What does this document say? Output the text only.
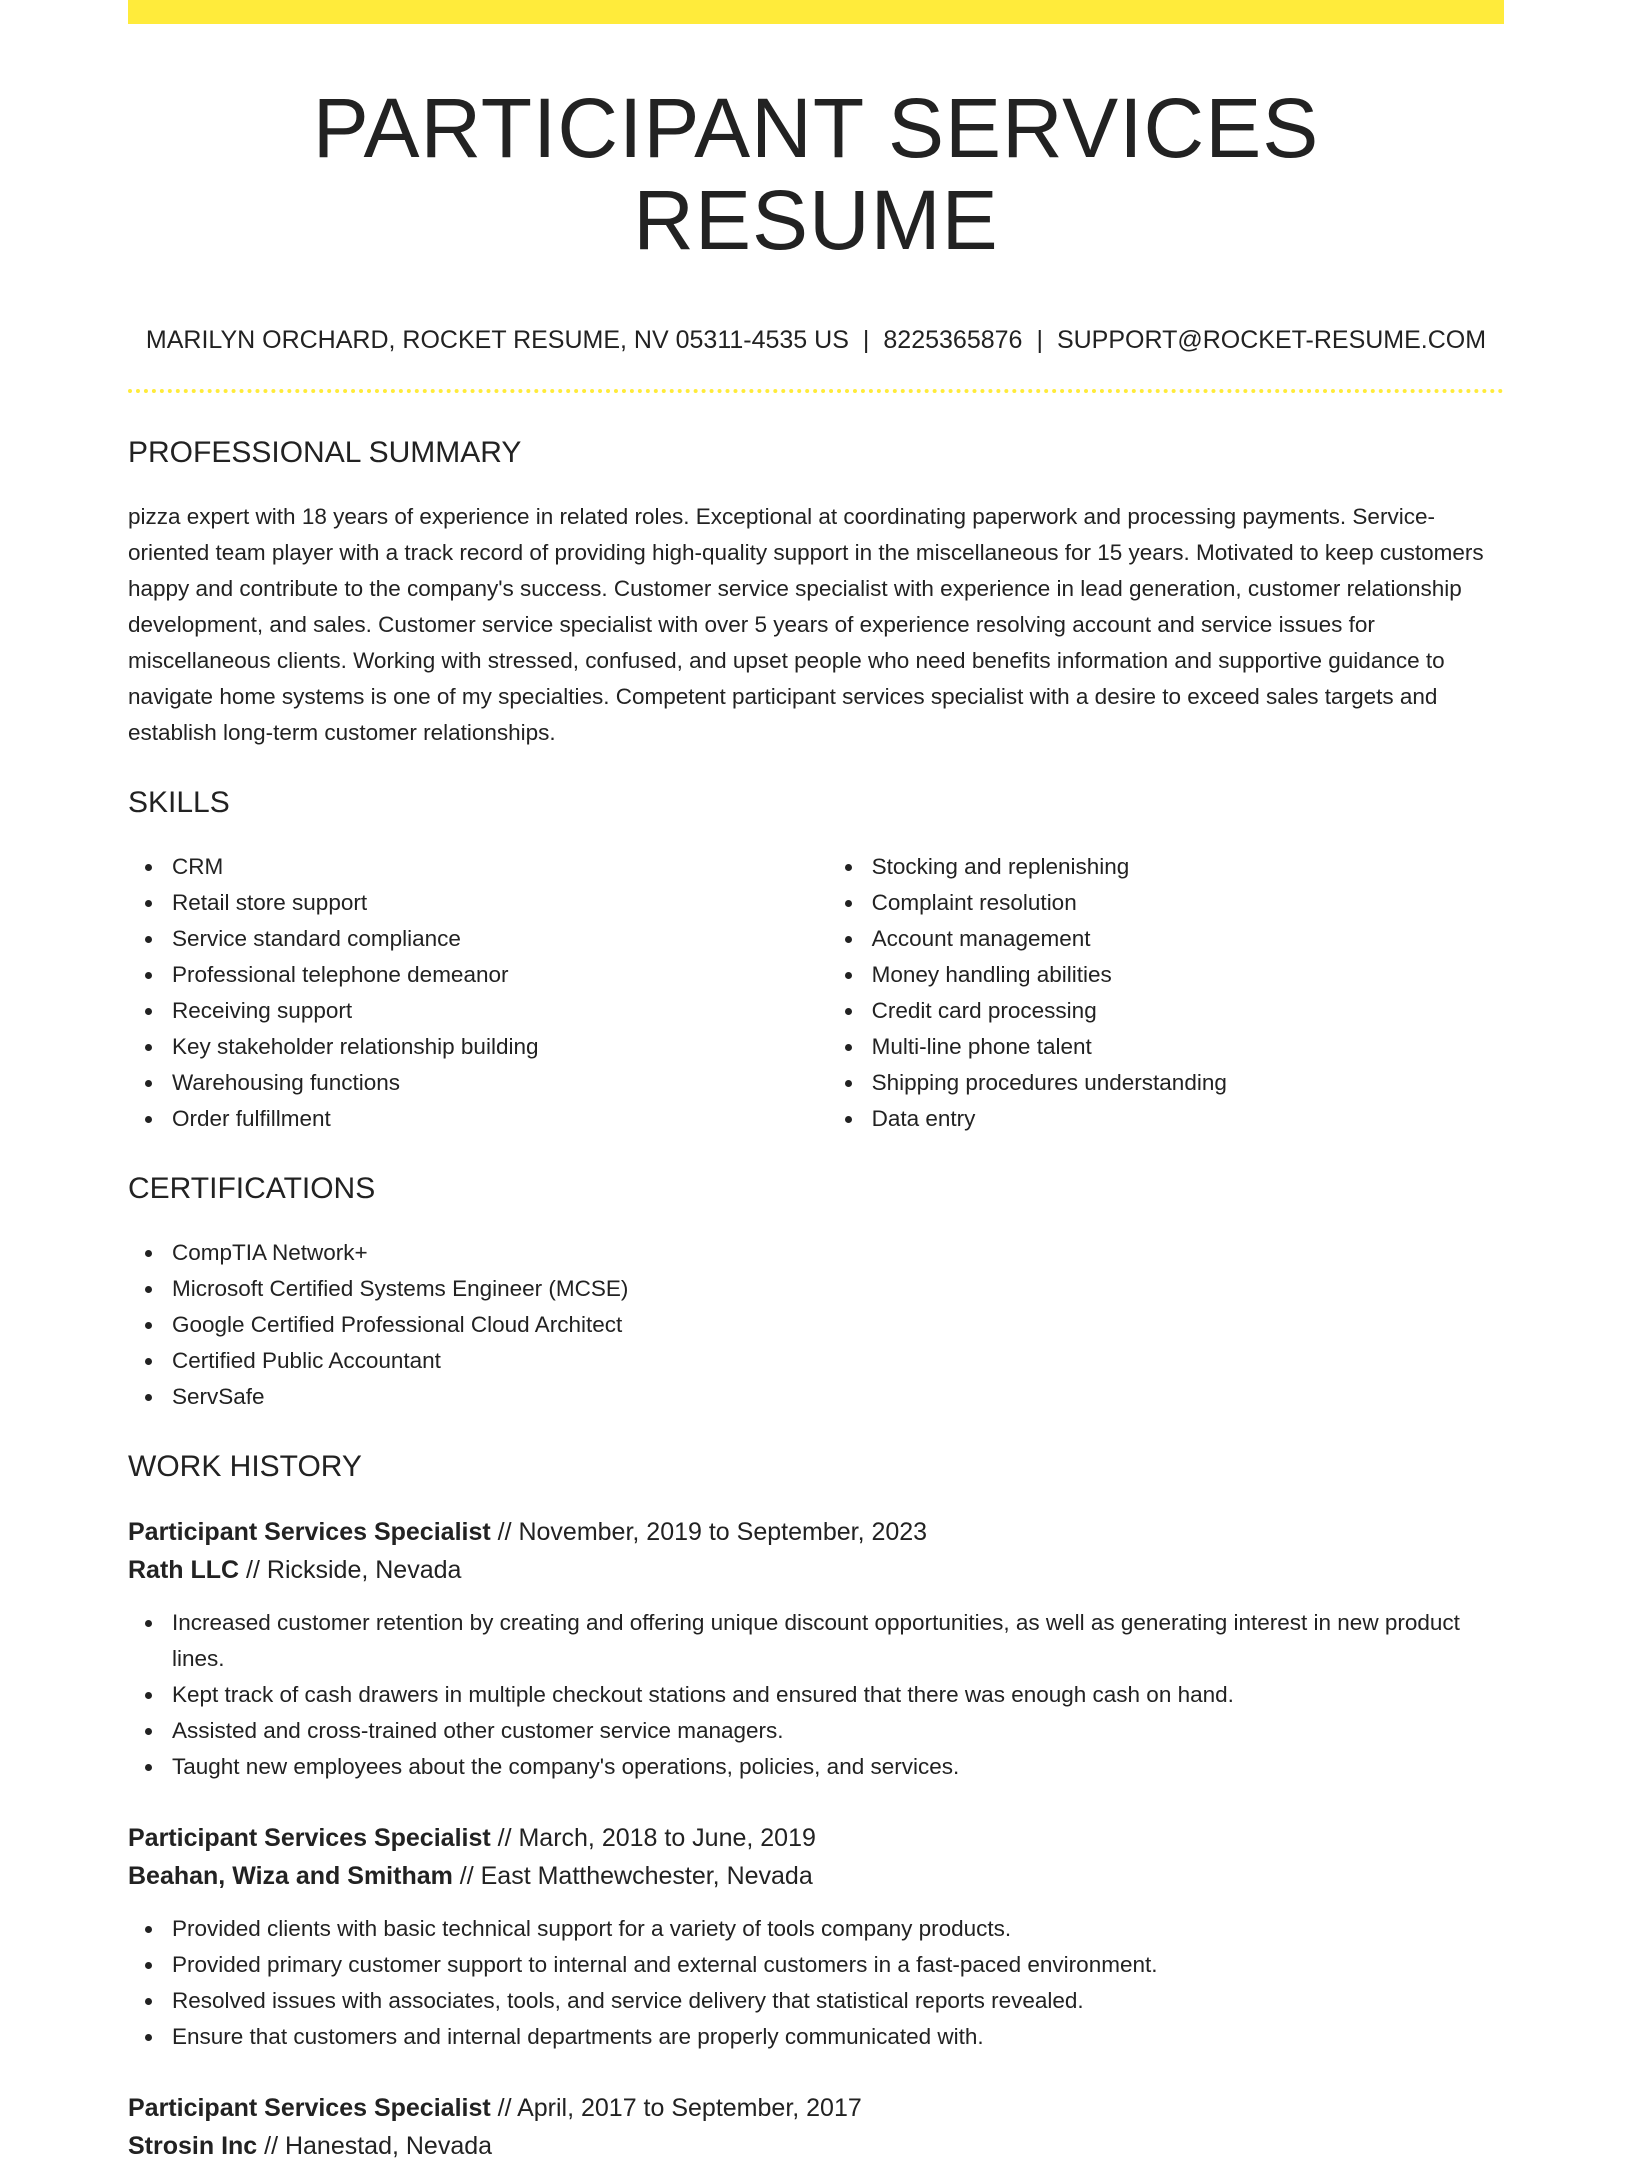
PARTICIPANT SERVICES RESUME
MARILYN ORCHARD, ROCKET RESUME, NV 05311-4535 US | 8225365876 | SUPPORT@ROCKET-RESUME.COM
PROFESSIONAL SUMMARY

pizza expert with 18 years of experience in related roles. Exceptional at coordinating paperwork and processing payments. Service-oriented team player with a track record of providing high-quality support in the miscellaneous for 15 years. Motivated to keep customers happy and contribute to the company's success. Customer service specialist with experience in lead generation, customer relationship development, and sales. Customer service specialist with over 5 years of experience resolving account and service issues for miscellaneous clients. Working with stressed, confused, and upset people who need benefits information and supportive guidance to navigate home systems is one of my specialties. Competent participant services specialist with a desire to exceed sales targets and establish long-term customer relationships.

SKILLS
CRM
Retail store support
Service standard compliance
Professional telephone demeanor
Receiving support
Key stakeholder relationship building
Warehousing functions
Order fulfillment
Stocking and replenishing
Complaint resolution
Account management
Money handling abilities
Credit card processing
Multi-line phone talent
Shipping procedures understanding
Data entry
CERTIFICATIONS
CompTIA Network+
Microsoft Certified Systems Engineer (MCSE)
Google Certified Professional Cloud Architect
Certified Public Accountant
ServSafe
WORK HISTORY
Participant Services Specialist // November, 2019 to September, 2023
Rath LLC // Rickside, Nevada
Increased customer retention by creating and offering unique discount opportunities, as well as generating interest in new product lines.
Kept track of cash drawers in multiple checkout stations and ensured that there was enough cash on hand.
Assisted and cross-trained other customer service managers.
Taught new employees about the company's operations, policies, and services.
Participant Services Specialist // March, 2018 to June, 2019
Beahan, Wiza and Smitham // East Matthewchester, Nevada
Provided clients with basic technical support for a variety of tools company products.
Provided primary customer support to internal and external customers in a fast-paced environment.
Resolved issues with associates, tools, and service delivery that statistical reports revealed.
Ensure that customers and internal departments are properly communicated with.
Participant Services Specialist // April, 2017 to September, 2017
Strosin Inc // Hanestad, Nevada
